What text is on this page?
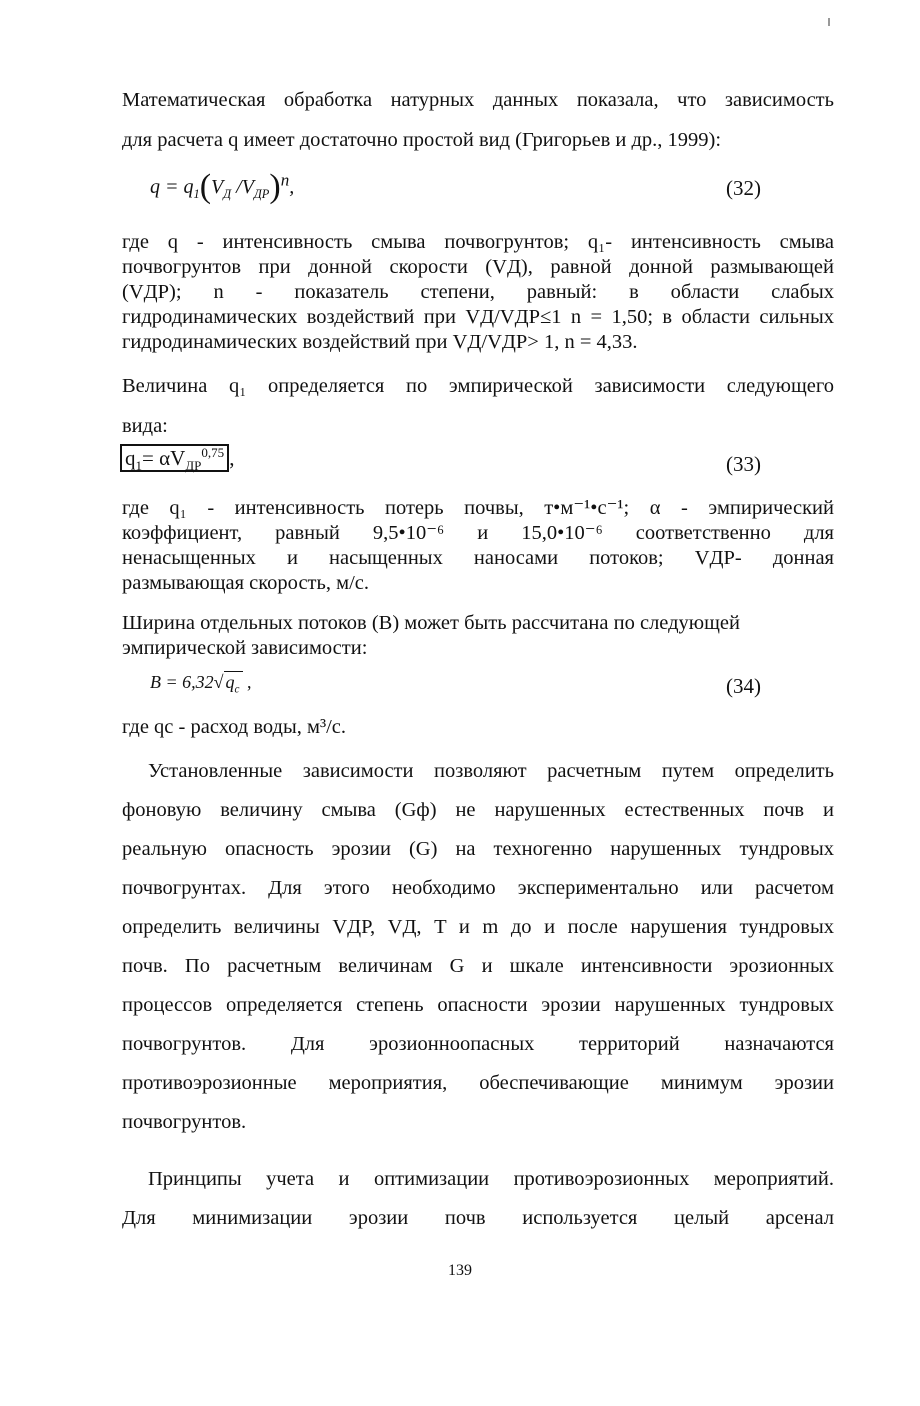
Математическая обработка натурных данных показала, что зависимость
для расчета q имеет достаточно простой вид (Григорьев и др., 1999):
$q = q_1(V_Д$ $/V_{ДР})^n$,	(32)
где q - интенсивность смыва почвогрунтов; q₁- интенсивность смыва
почвогрунтов при донной скорости (VД), равной донной размывающей
(VДР); n - показатель степени, равный: в области слабых
гидродинамических воздействий при VД/VДР≤1 n = 1,50; в области сильных
гидродинамических воздействий при VД/VДР> 1, n = 4,33.
Величина q₁ определяется по эмпирической зависимости следующего
вида:
$q_1= \alpha V_{ДР}^{0,75}$ ,	(33)
где q₁ - интенсивность потерь почвы, т•м⁻¹•с⁻¹; α - эмпирический
коэффициент, равный 9,5•10⁻⁶ и 15,0•10⁻⁶ соответственно для
ненасыщенных и насыщенных наносами потоков; VДР- донная
размывающая скорость, м/с.
Ширина отдельных потоков (В) может быть рассчитана по следующей
эмпирической зависимости:
B = 6,32√ $q_c$ ,	(34)
где qс - расход воды, м³/с.
Установленные зависимости позволяют расчетным путем определить
фоновую величину смыва (Gф) не нарушенных естественных почв и
реальную опасность эрозии (G) на техногенно нарушенных тундровых
почвогрунтах. Для этого необходимо экспериментально или расчетом
определить величины VДР, VД, T и m до и после нарушения тундровых
почв. По расчетным величинам G и шкале интенсивности эрозионных
процессов определяется степень опасности эрозии нарушенных тундровых
почвогрунтов. Для эрозионноопасных территорий назначаются
противоэрозионные мероприятия, обеспечивающие минимум эрозии
почвогрунтов.
Принципы учета и оптимизации противоэрозионных мероприятий.
Для минимизации эрозии почв используется целый арсенал
139
